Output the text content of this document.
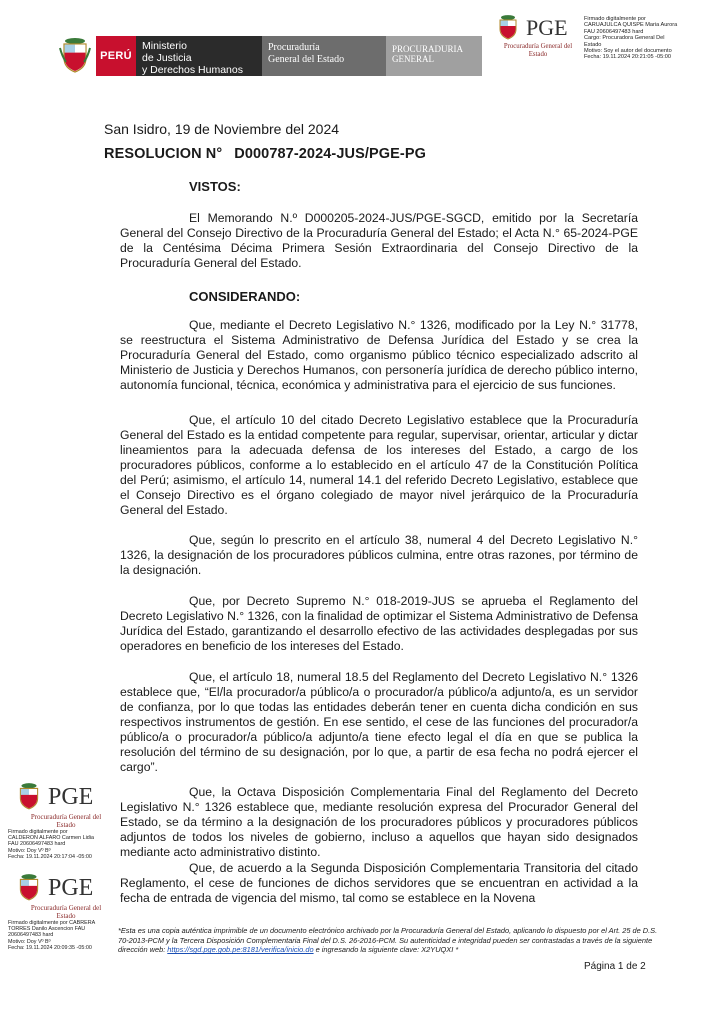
PERÚ
Ministerio
de Justicia
y Derechos Humanos
Procuraduría
General del Estado
PROCURADURIA
GENERAL
PGE
Procuraduría General del
Estado
Firmado digitalmente por
CARUAJULCA QUISPE Maria Aurora
FAU 20606497483 hard
Cargo: Procuradora General Del
Estado
Motivo: Soy el autor del documento
Fecha: 19.11.2024 20:21:05 -05:00
San Isidro, 19 de Noviembre del 2024
RESOLUCION N° D000787-2024-JUS/PGE-PG
VISTOS:
El Memorando N.º D000205-2024-JUS/PGE-SGCD, emitido por la Secretaría General del Consejo Directivo de la Procuraduría General del Estado; el Acta N.° 65-2024-PGE de la Centésima Décima Primera Sesión Extraordinaria del Consejo Directivo de la Procuraduría General del Estado.
CONSIDERANDO:
Que, mediante el Decreto Legislativo N.° 1326, modificado por la Ley N.° 31778, se reestructura el Sistema Administrativo de Defensa Jurídica del Estado y se crea la Procuraduría General del Estado, como organismo público técnico especializado adscrito al Ministerio de Justicia y Derechos Humanos, con personería jurídica de derecho público interno, autonomía funcional, técnica, económica y administrativa para el ejercicio de sus funciones.
Que, el artículo 10 del citado Decreto Legislativo establece que la Procuraduría General del Estado es la entidad competente para regular, supervisar, orientar, articular y dictar lineamientos para la adecuada defensa de los intereses del Estado, a cargo de los procuradores públicos, conforme a lo establecido en el artículo 47 de la Constitución Política del Perú; asimismo, el artículo 14, numeral 14.1 del referido Decreto Legislativo, establece que el Consejo Directivo es el órgano colegiado de mayor nivel jerárquico de la Procuraduría General del Estado.
Que, según lo prescrito en el artículo 38, numeral 4 del Decreto Legislativo N.° 1326, la designación de los procuradores públicos culmina, entre otras razones, por término de la designación.
Que, por Decreto Supremo N.° 018-2019-JUS se aprueba el Reglamento del Decreto Legislativo N.° 1326, con la finalidad de optimizar el Sistema Administrativo de Defensa Jurídica del Estado, garantizando el desarrollo efectivo de las actividades desplegadas por sus operadores en beneficio de los intereses del Estado.
Que, el artículo 18, numeral 18.5 del Reglamento del Decreto Legislativo N.° 1326 establece que, “El/la procurador/a público/a o procurador/a público/a adjunto/a, es un servidor de confianza, por lo que todas las entidades deberán tener en cuenta dicha condición en sus respectivos instrumentos de gestión. En ese sentido, el cese de las funciones del procurador/a público/a o procurador/a público/a adjunto/a tiene efecto legal el día en que se publica la resolución del término de su designación, por lo que, a partir de esa fecha no podrá ejercer el cargo”.
Que, la Octava Disposición Complementaria Final del Reglamento del Decreto Legislativo N.° 1326 establece que, mediante resolución expresa del Procurador General del Estado, se da término a la designación de los procuradores públicos y procuradores públicos adjuntos de todos los niveles de gobierno, incluso a aquellos que hayan sido designados mediante acto administrativo distinto.
Que, de acuerdo a la Segunda Disposición Complementaria Transitoria del citado Reglamento, el cese de funciones de dichos servidores que se encuentran en actividad a la fecha de entrada de vigencia del mismo, tal como se establece en la Novena
PGE
Procuraduría General del
Estado
Firmado digitalmente por
CALDERON ALFARO Carmen Lidia
FAU 20606497483 hard
Motivo: Doy Vº Bº
Fecha: 19.11.2024 20:17:04 -05:00
PGE
Procuraduría General del
Estado
Firmado digitalmente por CABRERA
TORRES Danilo Ascencion FAU
20606497483 hard
Motivo: Doy Vº Bº
Fecha: 19.11.2024 20:09:35 -05:00
*Esta es una copia auténtica imprimible de un documento electrónico archivado por la Procuraduría General del Estado, aplicando lo dispuesto por el Art. 25 de D.S. 70-2013-PCM y la Tercera Disposición Complementaria Final del D.S. 26-2016-PCM. Su autenticidad e integridad pueden ser contrastadas a través de la siguiente dirección web: https://sgd.pge.gob.pe:8181/verifica/inicio.do e ingresando la siguiente clave: X2YUQXI *
Página 1 de 2
